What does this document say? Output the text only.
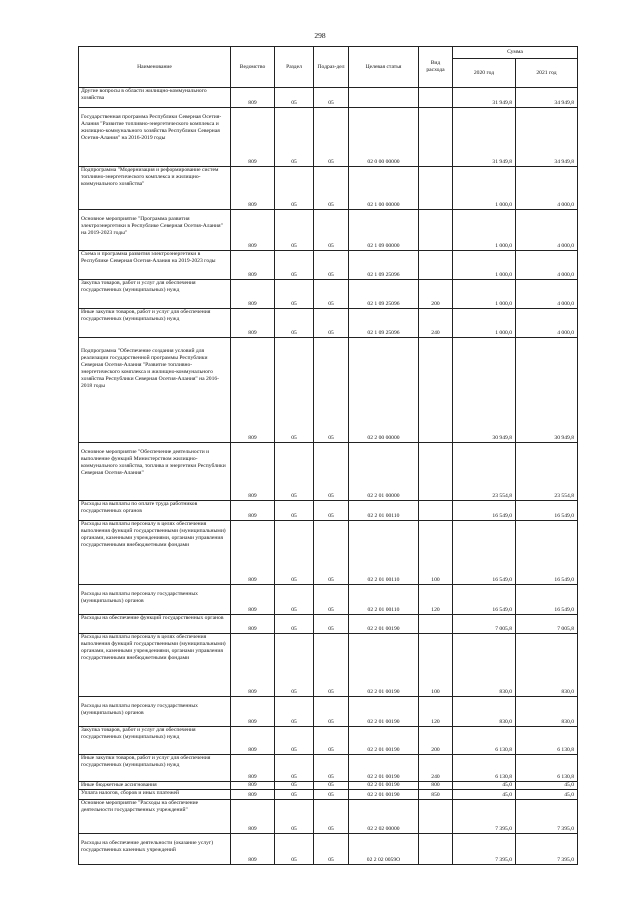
298
Наименование	Ведомство	Раздел	Подраз-дел	Целевая статья	Вид расхода	Сумма	
						2020 год	2021 год
Другие вопросы в области жилищно-коммунального хозяйства	809	05	05			31 949,8	34 949,8
Государственная программа Республики Северная Осетия-Алания "Развитие топливно-энергетического комплекса и жилищно-коммунального хозяйства Республики Северная Осетия-Алания" на 2016-2019 годы	809	05	05	02 0 00 00000		31 949,8	34 949,8
Подпрограмма "Модернизация и реформирование систем топливно-энергетического комплекса и жилищно-коммунального хозяйства"	809	05	05	02 1 00 00000		1 000,0	4 000,0
Основное мероприятие "Программа развития электроэнергетики в Республике Северная Осетия-Алания" на 2019-2023 годы"	809	05	05	02 1 09 00000		1 000,0	4 000,0
Схема и программа развития электроэнергетики в Республике Северная Осетия-Алания на 2019-2023 годы	809	05	05	02 1 09 25096		1 000,0	4 000,0
Закупка товаров, работ и услуг для обеспечения государственных (муниципальных) нужд	809	05	05	02 1 09 25096	200	1 000,0	4 000,0
Иные закупки товаров, работ и услуг для обеспечения государственных (муниципальных) нужд	809	05	05	02 1 09 25096	240	1 000,0	4 000,0
Подпрограмма "Обеспечение создания условий для реализации государственной программы Республики Северная Осетия-Алания "Развитие топливно-энергетического комплекса и жилищно-коммунального хозяйства Республики Северная Осетия-Алания" на 2016-2018 годы	809	05	05	02 2 00 00000		30 949,8	30 949,8
Основное мероприятие "Обеспечение деятельности и выполнение функций Министерством жилищно-коммунального хозяйства, топлива и энергетики Республики Северная Осетия-Алания"	809	05	05	02 2 01 00000		23 554,8	23 554,8
Расходы на выплаты по оплате труда работников государственных органов	809	05	05	02 2 01 00110		16 549,0	16 549,0
Расходы на выплаты персоналу в целях обеспечения выполнения функций государственными (муниципальными) органами, казенными учреждениями, органами управления государственными внебюджетными фондами	809	05	05	02 2 01 00110	100	16 549,0	16 549,0
Расходы на выплаты персоналу государственных (муниципальных) органов	809	05	05	02 2 01 00110	120	16 549,0	16 549,0
Расходы на обеспечение функций государственных органов	809	05	05	02 2 01 00190		7 005,8	7 005,8
Расходы на выплаты персоналу в целях обеспечения выполнения функций государственными (муниципальными) органами, казенными учреждениями, органами управления государственными внебюджетными фондами	809	05	05	02 2 01 00190	100	830,0	830,0
Расходы на выплаты персоналу государственных (муниципальных) органов	809	05	05	02 2 01 00190	120	830,0	830,0
Закупка товаров, работ и услуг для обеспечения государственных (муниципальных) нужд	809	05	05	02 2 01 00190	200	6 130,8	6 130,8
Иные закупки товаров, работ и услуг для обеспечения государственных (муниципальных) нужд	809	05	05	02 2 01 00190	240	6 130,8	6 130,8
Иные бюджетные ассигнования	809	05	05	02 2 01 00190	800	45,0	45,0
Уплата налогов, сборов и иных платежей	809	05	05	02 2 01 00190	850	45,0	45,0
Основное мероприятие "Расходы на обеспечение деятельности государственных учреждений"	809	05	05	02 2 02 00000		7 395,0	7 395,0
Расходы на обеспечение деятельности (оказание услуг) государственных казенных учреждений	809	05	05	02 2 02 0059О		7 395,0	7 395,0
